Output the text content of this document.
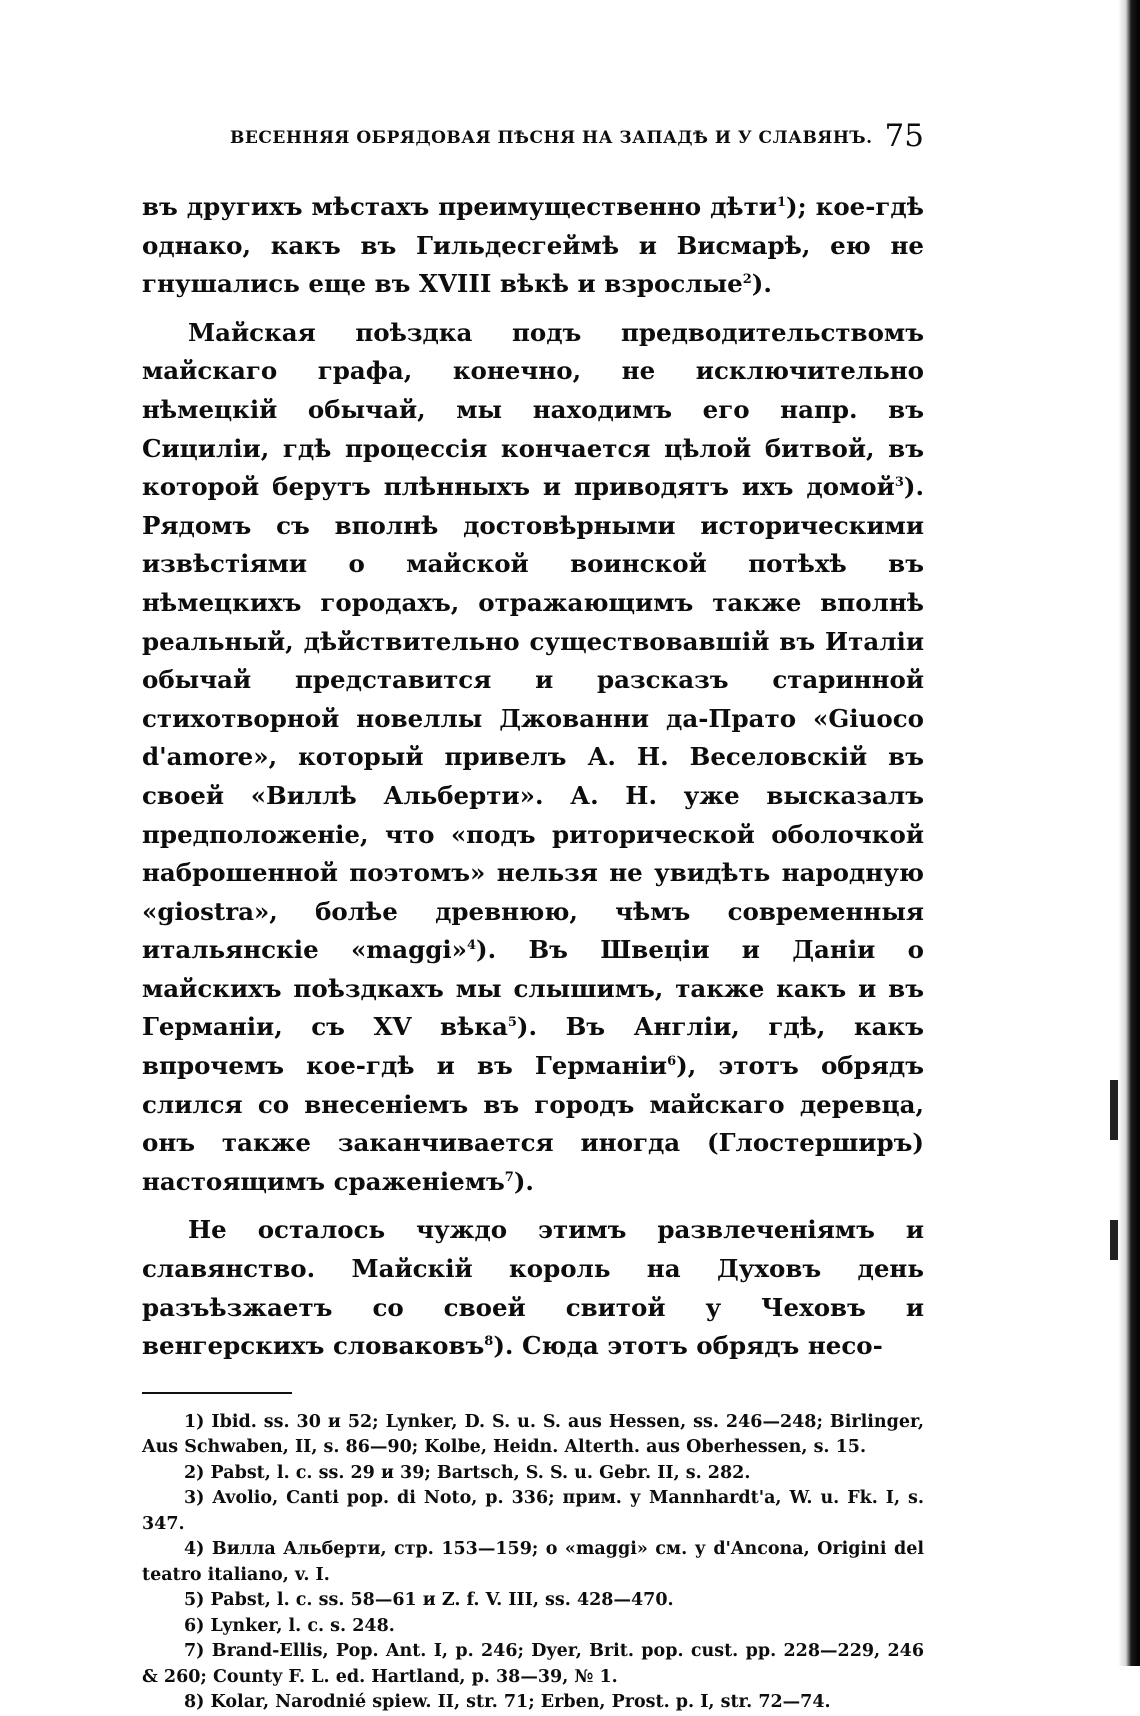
ВЕСЕННЯЯ ОБРЯДОВАЯ ПѢСНЯ НА ЗАПАДѢ И У СЛАВЯНЪ. 75

въ другихъ мѣстахъ преимущественно дѣти$^1$); кое-гдѣ однако, какъ въ Гильдесгеймѣ и Висмарѣ, ею не гнушались еще въ XVIII вѣкѣ и взрослые$^2$).

Майская поѣздка подъ предводительствомъ майскаго графа, конечно, не исключительно нѣмецкій обычай, мы находимъ его напр. въ Сициліи, гдѣ процессія кончается цѣлой битвой, въ которой берутъ плѣнныхъ и приводятъ ихъ домой$^3$). Рядомъ съ вполнѣ достовѣрными историческими извѣстіями о майской воинской потѣхѣ въ нѣмецкихъ городахъ, отражающимъ также вполнѣ реальный, дѣйствительно существовавшій въ Италіи обычай представится и разсказъ старинной стихотворной новеллы Джованни да-Прато «Giuoco d'amore», который привелъ А. Н. Веселовскій въ своей «Виллѣ Альберти». А. Н. уже высказалъ предположеніе, что «подъ риторической оболочкой наброшенной поэтомъ» нельзя не увидѣть народную «giostra», болѣе древнюю, чѣмъ современныя итальянскіе «maggi»$^4$). Въ Швеціи и Даніи о майскихъ поѣздкахъ мы слышимъ, также какъ и въ Германіи, съ XV вѣка$^5$). Въ Англіи, гдѣ, какъ впрочемъ кое-гдѣ и въ Германіи$^6$), этотъ обрядъ слился со внесеніемъ въ городъ майскаго деревца, онъ также заканчивается иногда (Глостерширъ) настоящимъ сраженіемъ$^7$).

Не осталось чуждо этимъ развлеченіямъ и славянство. Майскій король на Духовъ день разъѣзжаетъ со своей свитой у Чеховъ и венгерскихъ словаковъ$^8$). Сюда этотъ обрядъ несо-

1) Ibid. ss. 30 и 52; Lynker, D. S. u. S. aus Hessen, ss. 246—248; Birlinger, Aus Schwaben, II, s. 86—90; Kolbe, Heidn. Alterth. aus Oberhessen, s. 15.

2) Pabst, l. c. ss. 29 и 39; Bartsch, S. S. u. Gebr. II, s. 282.

3) Avolio, Canti pop. di Noto, p. 336; прим. у Mannhardt'a, W. u. Fk. I, s. 347.

4) Вилла Альберти, стр. 153—159; о «maggi» см. у d'Ancona, Origini del teatro italiano, v. I.

5) Pabst, l. c. ss. 58—61 и Z. f. V. III, ss. 428—470.

6) Lynker, l. c. s. 248.

7) Brand-Ellis, Pop. Ant. I, p. 246; Dyer, Brit. pop. cust. pp. 228—229, 246 & 260; County F. L. ed. Hartland, p. 38—39, № 1.

8) Kolar, Narodnié spiew. II, str. 71; Erben, Prost. p. I, str. 72—74.
